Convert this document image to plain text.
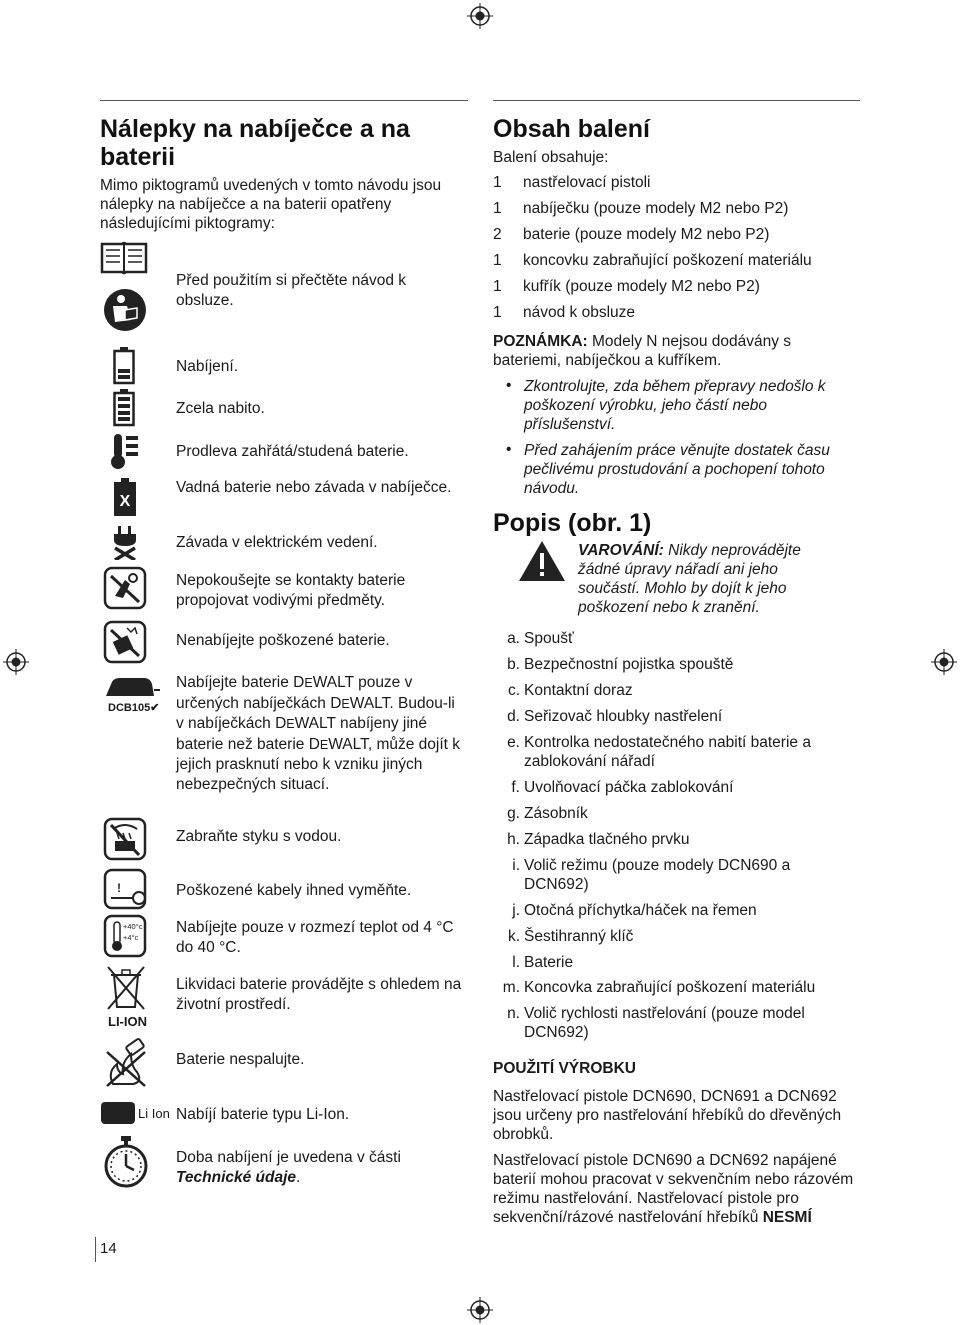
Nálepky na nabíječce a na
baterii
Mimo piktogramů uvedených v tomto návodu jsou nálepky na nabíječce a na baterii opatřeny následujícími piktogramy:
Před použitím si přečtěte návod k obsluze.
Nabíjení.
Zcela nabito.
Prodleva zahřátá/studená baterie.
X
Vadná baterie nebo závada v nabíječce.
Závada v elektrickém vedení.
Nepokoušejte se kontakty baterie propojovat vodivými předměty.
Nenabíjejte poškozené baterie.
DCB105✔
Nabíjejte baterie DEWALT pouze v určených nabíječkách DEWALT. Budou-li v nabíječkách DEWALT nabíjeny jiné baterie než baterie DEWALT, může dojít k jejich prasknutí nebo k vzniku jiných nebezpečných situací.
Zabraňte styku s vodou.
!	Poškozené kabely ihned vyměňte.
+40°c
+4°c
Nabíjejte pouze v rozmezí teplot od 4 °C do 40 °C.
LI-ION
Likvidaci baterie provádějte s ohledem na životní prostředí.
Baterie nespalujte.
Li Ion Nabíjí baterie typu Li-Ion.
Doba nabíjení je uvedena v části Technické údaje.
14
Obsah balení
Balení obsahuje:
1 nastřelovací pistoli
1 nabíječku (pouze modely M2 nebo P2)
2 baterie (pouze modely M2 nebo P2)
1 koncovku zabraňující poškození materiálu
1 kufřík (pouze modely M2 nebo P2)
1 návod k obsluze
POZNÁMKA: Modely N nejsou dodávány s bateriemi, nabíječkou a kufříkem.
• Zkontrolujte, zda během přepravy nedošlo k poškození výrobku, jeho částí nebo příslušenství.
• Před zahájením práce věnujte dostatek času pečlivému prostudování a pochopení tohoto návodu.
Popis (obr. 1)
VAROVÁNÍ: Nikdy neprovádějte žádné úpravy nářadí ani jeho součástí. Mohlo by dojít k jeho poškození nebo k zranění.
a. Spoušť
b. Bezpečnostní pojistka spouště
c. Kontaktní doraz
d. Seřizovač hloubky nastřelení
e. Kontrolka nedostatečného nabití baterie a zablokování nářadí
f. Uvolňovací páčka zablokování
g. Zásobník
h. Západka tlačného prvku
i. Volič režimu (pouze modely DCN690 a DCN692)
j. Otočná příchytka/háček na řemen
k. Šestihranný klíč
l. Baterie
m. Koncovka zabraňující poškození materiálu
n. Volič rychlosti nastřelování (pouze model DCN692)
POUŽITÍ VÝROBKU
Nastřelovací pistole DCN690, DCN691 a DCN692 jsou určeny pro nastřelování hřebíků do dřevěných obrobků.
Nastřelovací pistole DCN690 a DCN692 napájené baterií mohou pracovat v sekvenčním nebo rázovém režimu nastřelování. Nastřelovací pistole pro sekvenční/rázové nastřelování hřebíků NESMÍ
